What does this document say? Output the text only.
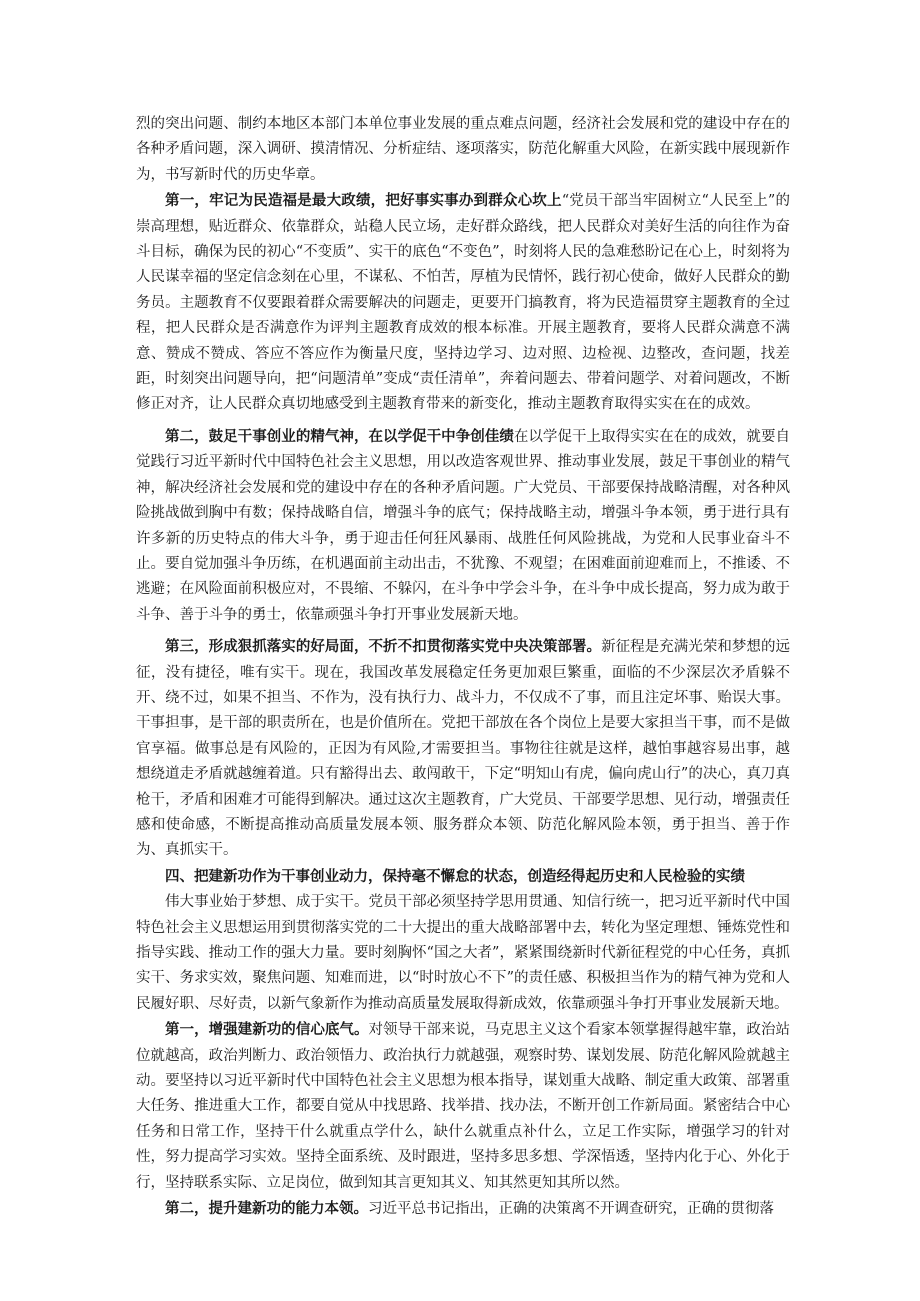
烈的突出问题、制约本地区本部门本单位事业发展的重点难点问题，经济社会发展和党的建设中存在的各种矛盾问题，深入调研、摸清情况、分析症结、逐项落实，防范化解重大风险，在新实践中展现新作为，书写新时代的历史华章。

第一，牢记为民造福是最大政绩，把好事实事办到群众心坎上“党员干部当牢固树立“人民至上”的崇高理想，贴近群众、依靠群众，站稳人民立场，走好群众路线，把人民群众对美好生活的向往作为奋斗目标，确保为民的初心“不变质”、实干的底色“不变色”，时刻将人民的急难愁盼记在心上，时刻将为人民谋幸福的坚定信念刻在心里，不谋私、不怕苦，厚植为民情怀，践行初心使命，做好人民群众的勤务员。主题教育不仅要跟着群众需要解决的问题走，更要开门搞教育，将为民造福贯穿主题教育的全过程，把人民群众是否满意作为评判主题教育成效的根本标准。开展主题教育，要将人民群众满意不满意、赞成不赞成、答应不答应作为衡量尺度，坚持边学习、边对照、边检视、边整改，查问题，找差距，时刻突出问题导向，把“问题清单”变成“责任清单”，奔着问题去、带着问题学、对着问题改，不断修正对齐，让人民群众真切地感受到主题教育带来的新变化，推动主题教育取得实实在在的成效。

第二，鼓足干事创业的精气神，在以学促干中争创佳绩在以学促干上取得实实在在的成效，就要自觉践行习近平新时代中国特色社会主义思想，用以改造客观世界、推动事业发展，鼓足干事创业的精气神，解决经济社会发展和党的建设中存在的各种矛盾问题。广大党员、干部要保持战略清醒，对各种风险挑战做到胸中有数；保持战略自信，增强斗争的底气；保持战略主动，增强斗争本领，勇于进行具有许多新的历史特点的伟大斗争，勇于迎击任何狂风暴雨、战胜任何风险挑战，为党和人民事业奋斗不止。要自觉加强斗争历练，在机遇面前主动出击，不犹豫、不观望；在困难面前迎难而上，不推诿、不逃避；在风险面前积极应对，不畏缩、不躲闪，在斗争中学会斗争，在斗争中成长提高，努力成为敢于斗争、善于斗争的勇士，依靠顽强斗争打开事业发展新天地。

第三，形成狠抓落实的好局面，不折不扣贯彻落实党中央决策部署。新征程是充满光荣和梦想的远征，没有捷径，唯有实干。现在，我国改革发展稳定任务更加艰巨繁重，面临的不少深层次矛盾躲不开、绕不过，如果不担当、不作为，没有执行力、战斗力，不仅成不了事，而且注定坏事、贻误大事。干事担事，是干部的职责所在，也是价值所在。党把干部放在各个岗位上是要大家担当干事，而不是做官享福。做事总是有风险的，正因为有风险,才需要担当。事物往往就是这样，越怕事越容易出事，越想绕道走矛盾就越缠着道。只有豁得出去、敢闯敢干，下定“明知山有虎，偏向虎山行”的决心，真刀真枪干，矛盾和困难才可能得到解决。通过这次主题教育，广大党员、干部要学思想、见行动，增强责任感和使命感，不断提高推动高质量发展本领、服务群众本领、防范化解风险本领，勇于担当、善于作为、真抓实干。

四、把建新功作为干事创业动力，保持毫不懈怠的状态，创造经得起历史和人民检验的实绩

伟大事业始于梦想、成于实干。党员干部必须坚持学思用贯通、知信行统一，把习近平新时代中国特色社会主义思想运用到贯彻落实党的二十大提出的重大战略部署中去，转化为坚定理想、锤炼党性和指导实践、推动工作的强大力量。要时刻胸怀“国之大者”，紧紧围绕新时代新征程党的中心任务，真抓实干、务求实效，聚焦问题、知难而进，以“时时放心不下”的责任感、积极担当作为的精气神为党和人民履好职、尽好责，以新气象新作为推动高质量发展取得新成效，依靠顽强斗争打开事业发展新天地。

第一，增强建新功的信心底气。对领导干部来说，马克思主义这个看家本领掌握得越牢靠，政治站位就越高，政治判断力、政治领悟力、政治执行力就越强，观察时势、谋划发展、防范化解风险就越主动。要坚持以习近平新时代中国特色社会主义思想为根本指导，谋划重大战略、制定重大政策、部署重大任务、推进重大工作，都要自觉从中找思路、找举措、找办法，不断开创工作新局面。紧密结合中心任务和日常工作，坚持干什么就重点学什么，缺什么就重点补什么，立足工作实际，增强学习的针对性，努力提高学习实效。坚持全面系统、及时跟进，坚持多思多想、学深悟透，坚持内化于心、外化于行，坚持联系实际、立足岗位，做到知其言更知其义、知其然更知其所以然。

第二，提升建新功的能力本领。习近平总书记指出，正确的决策离不开调查研究，正确的贯彻落
